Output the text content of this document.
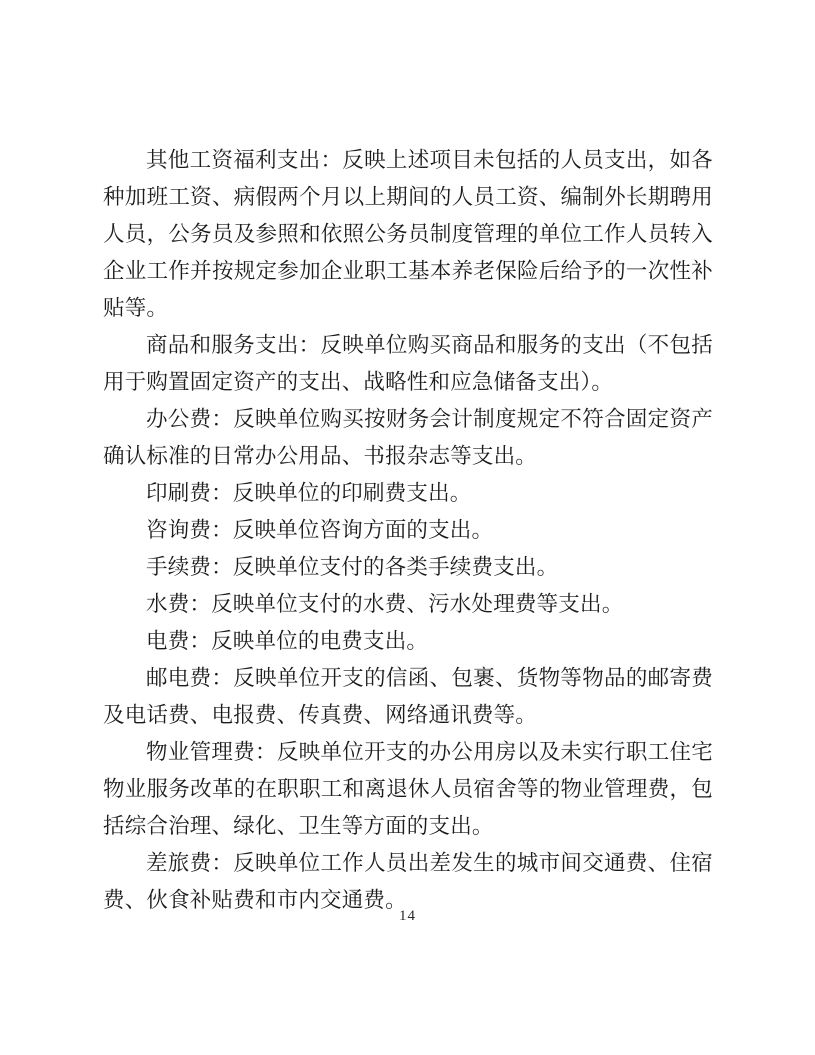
其他工资福利支出：反映上述项目未包括的人员支出，如各种加班工资、病假两个月以上期间的人员工资、编制外长期聘用人员，公务员及参照和依照公务员制度管理的单位工作人员转入企业工作并按规定参加企业职工基本养老保险后给予的一次性补贴等。

商品和服务支出：反映单位购买商品和服务的支出（不包括用于购置固定资产的支出、战略性和应急储备支出）。

办公费：反映单位购买按财务会计制度规定不符合固定资产确认标准的日常办公用品、书报杂志等支出。

印刷费：反映单位的印刷费支出。

咨询费：反映单位咨询方面的支出。

手续费：反映单位支付的各类手续费支出。

水费：反映单位支付的水费、污水处理费等支出。

电费：反映单位的电费支出。

邮电费：反映单位开支的信函、包裹、货物等物品的邮寄费及电话费、电报费、传真费、网络通讯费等。

物业管理费：反映单位开支的办公用房以及未实行职工住宅物业服务改革的在职职工和离退休人员宿舍等的物业管理费，包括综合治理、绿化、卫生等方面的支出。

差旅费：反映单位工作人员出差发生的城市间交通费、住宿费、伙食补贴费和市内交通费。

14
